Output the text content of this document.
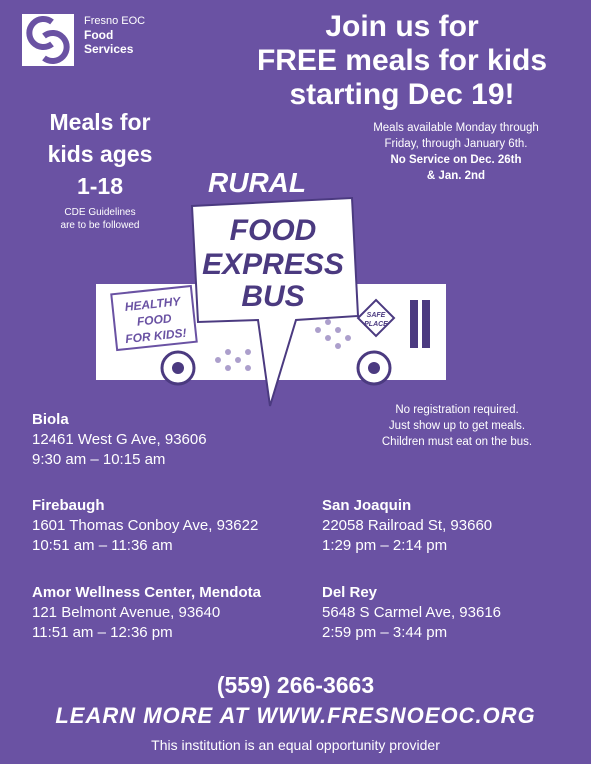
Fresno EOC
Food
Services
Join us for
FREE meals for kids
starting Dec 19!
Meals for
kids ages
1-18
CDE Guidelines
are to be followed
Meals available Monday through
Friday, through January 6th.
No Service on Dec. 26th
& Jan. 2nd
RURAL
HEALTHY
FOOD
FOR KIDS!
SAFE
PLACE
FOOD
EXPRESS
BUS
No registration required.
Just show up to get meals.
Children must eat on the bus.
Biola
12461 West G Ave, 93606
9:30 am – 10:15 am
Firebaugh
1601 Thomas Conboy Ave, 93622
10:51 am – 11:36 am
San Joaquin
22058 Railroad St, 93660
1:29 pm – 2:14 pm
Amor Wellness Center, Mendota
121 Belmont Avenue, 93640
11:51 am – 12:36 pm
Del Rey
5648 S Carmel Ave, 93616
2:59 pm – 3:44 pm
(559) 266-3663
LEARN MORE AT WWW.FRESNOEOC.ORG
This institution is an equal opportunity provider
